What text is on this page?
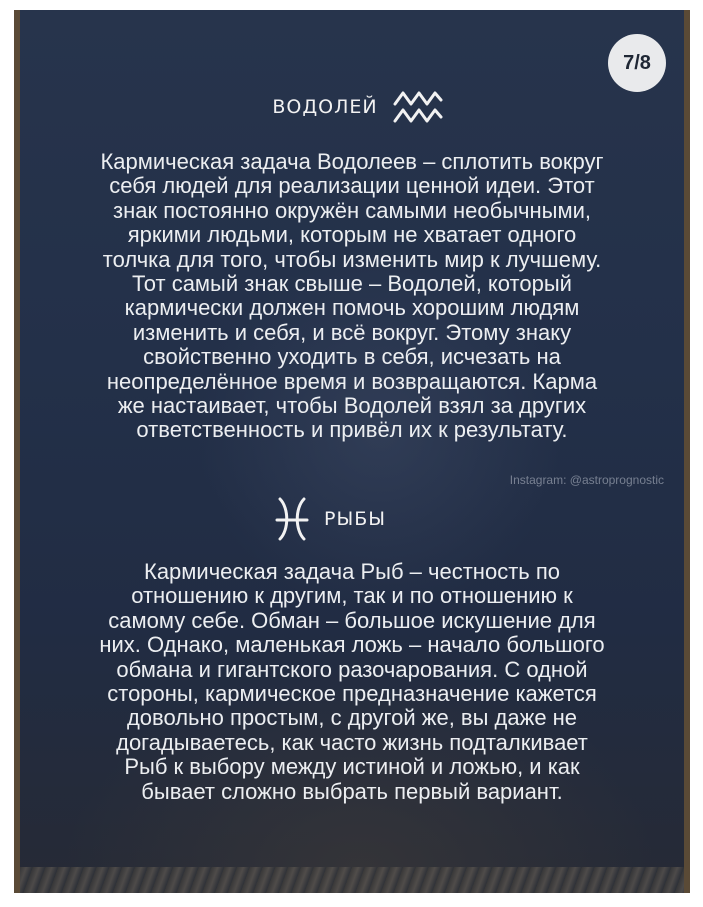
7/8
ВОДОЛЕЙ
Кармическая задача Водолеев – сплотить вокруг
себя людей для реализации ценной идеи. Этот
знак постоянно окружён самыми необычными,
яркими людьми, которым не хватает одного
толчка для того, чтобы изменить мир к лучшему.
Тот самый знак свыше – Водолей, который
кармически должен помочь хорошим людям
изменить и себя, и всё вокруг. Этому знаку
свойственно уходить в себя, исчезать на
неопределённое время и возвращаются. Карма
же настаивает, чтобы Водолей взял за других
ответственность и привёл их к результату.
Instagram: @astroprognostic
РЫБЫ
Кармическая задача Рыб – честность по
отношению к другим, так и по отношению к
самому себе. Обман – большое искушение для
них. Однако, маленькая ложь – начало большого
обмана и гигантского разочарования. С одной
стороны, кармическое предназначение кажется
довольно простым, с другой же, вы даже не
догадываетесь, как часто жизнь подталкивает
Рыб к выбору между истиной и ложью, и как
бывает сложно выбрать первый вариант.
